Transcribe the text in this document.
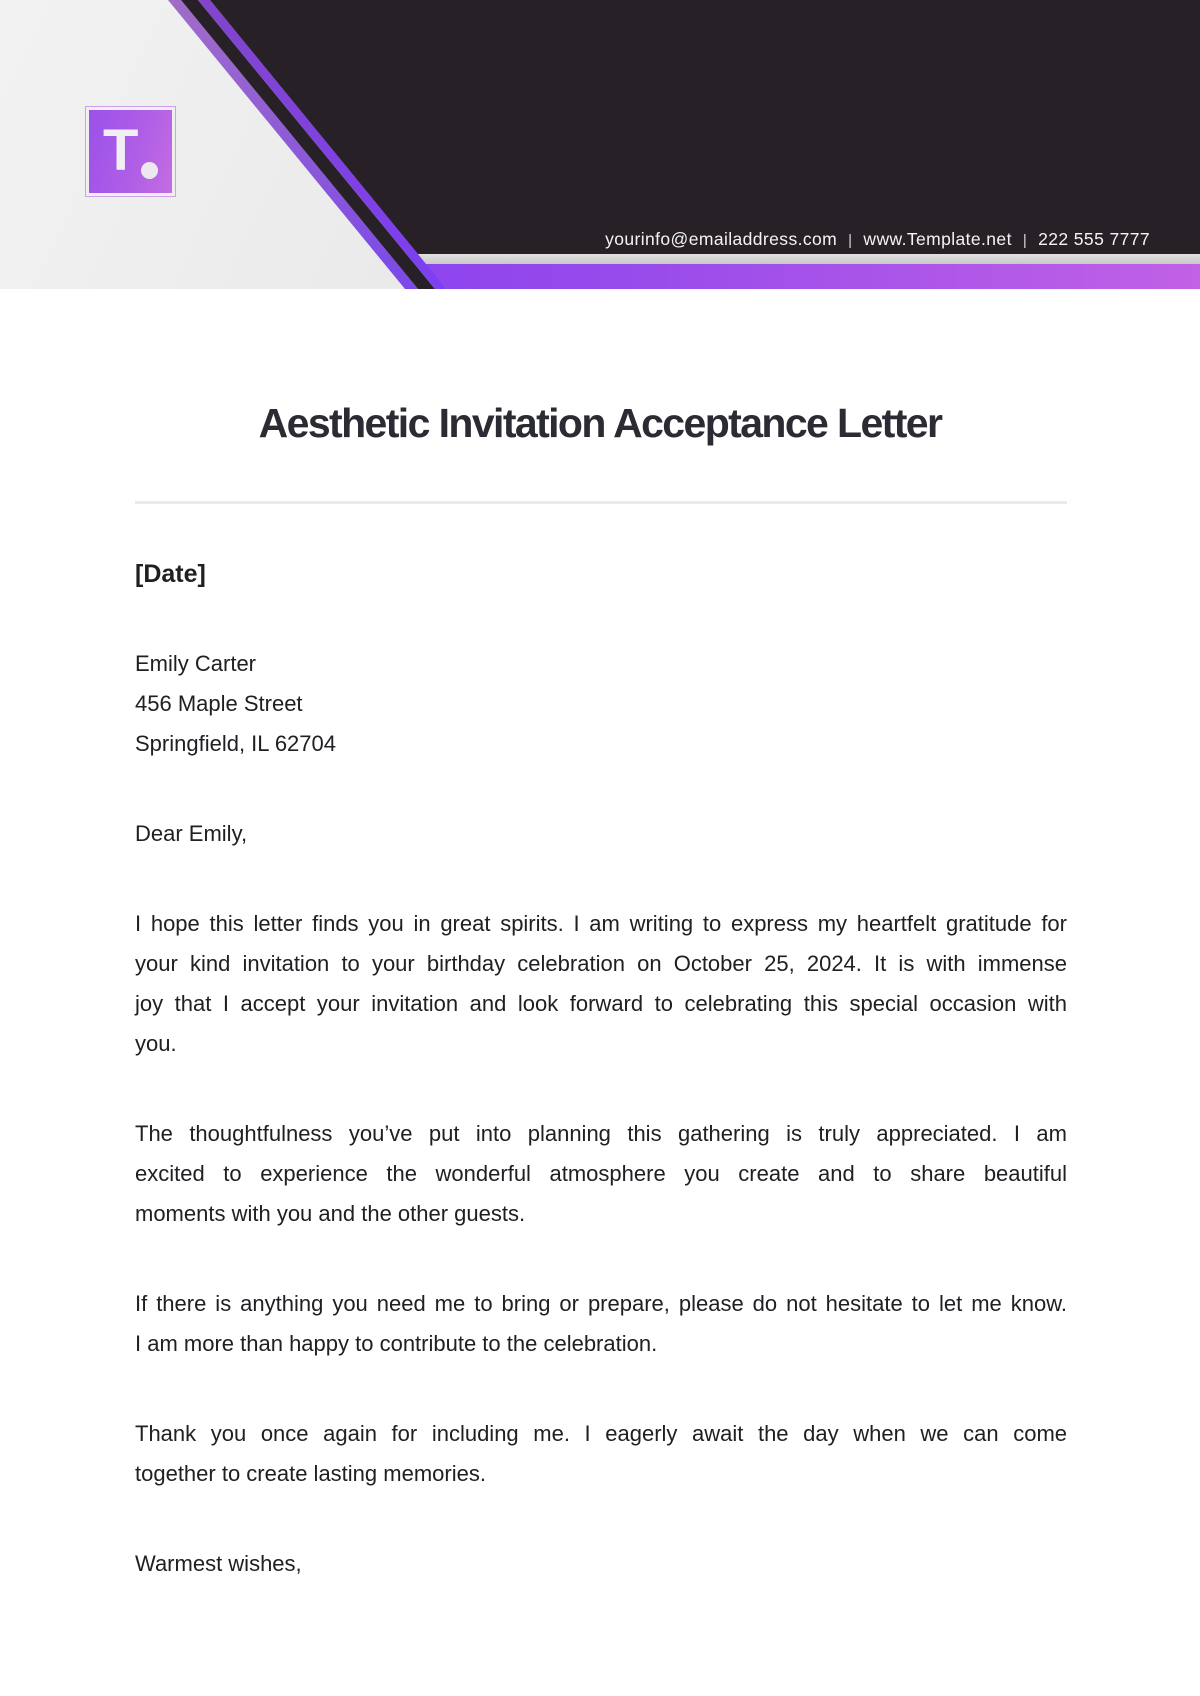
T
yourinfo@emailaddress.com | www.Template.net | 222 555 7777
Aesthetic Invitation Acceptance Letter
[Date]
Emily Carter
456 Maple Street
Springfield, IL 62704
Dear Emily,
I hope this letter finds you in great spirits. I am writing to express my heartfelt gratitude for
your kind invitation to your birthday celebration on October 25, 2024. It is with immense
joy that I accept your invitation and look forward to celebrating this special occasion with
you.
The thoughtfulness you’ve put into planning this gathering is truly appreciated. I am
excited to experience the wonderful atmosphere you create and to share beautiful
moments with you and the other guests.
If there is anything you need me to bring or prepare, please do not hesitate to let me know.
I am more than happy to contribute to the celebration.
Thank you once again for including me. I eagerly await the day when we can come
together to create lasting memories.
Warmest wishes,
